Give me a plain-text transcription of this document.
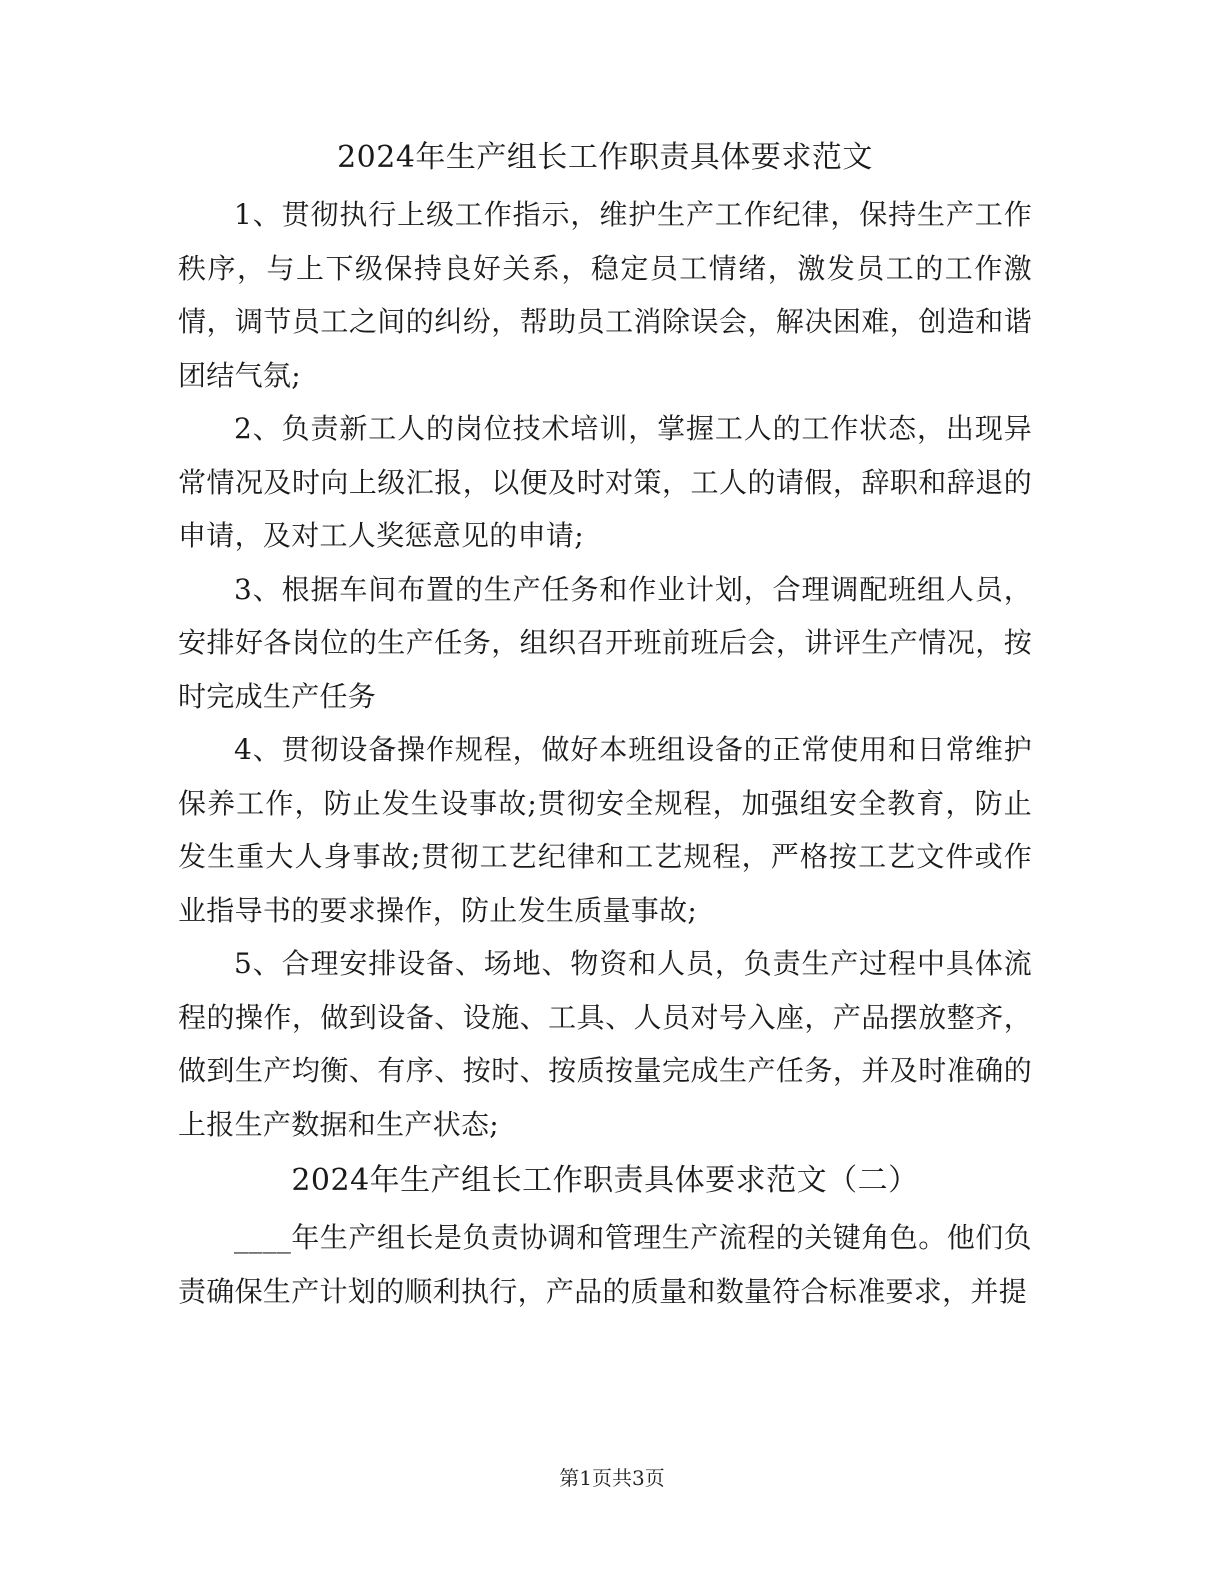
2024年生产组长工作职责具体要求范文

1、贯彻执行上级工作指示，维护生产工作纪律，保持生产工作秩序，与上下级保持良好关系，稳定员工情绪，激发员工的工作激情，调节员工之间的纠纷，帮助员工消除误会，解决困难，创造和谐团结气氛;

2、负责新工人的岗位技术培训，掌握工人的工作状态，出现异常情况及时向上级汇报，以便及时对策，工人的请假，辞职和辞退的申请，及对工人奖惩意见的申请;

3、根据车间布置的生产任务和作业计划，合理调配班组人员，安排好各岗位的生产任务，组织召开班前班后会，讲评生产情况，按时完成生产任务

4、贯彻设备操作规程，做好本班组设备的正常使用和日常维护保养工作，防止发生设事故;贯彻安全规程，加强组安全教育，防止发生重大人身事故;贯彻工艺纪律和工艺规程，严格按工艺文件或作业指导书的要求操作，防止发生质量事故;

5、合理安排设备、场地、物资和人员，负责生产过程中具体流程的操作，做到设备、设施、工具、人员对号入座，产品摆放整齐，做到生产均衡、有序、按时、按质按量完成生产任务，并及时准确的上报生产数据和生产状态;

2024年生产组长工作职责具体要求范文（二）

____年生产组长是负责协调和管理生产流程的关键角色。他们负责确保生产计划的顺利执行，产品的质量和数量符合标准要求，并提

第1页共3页
